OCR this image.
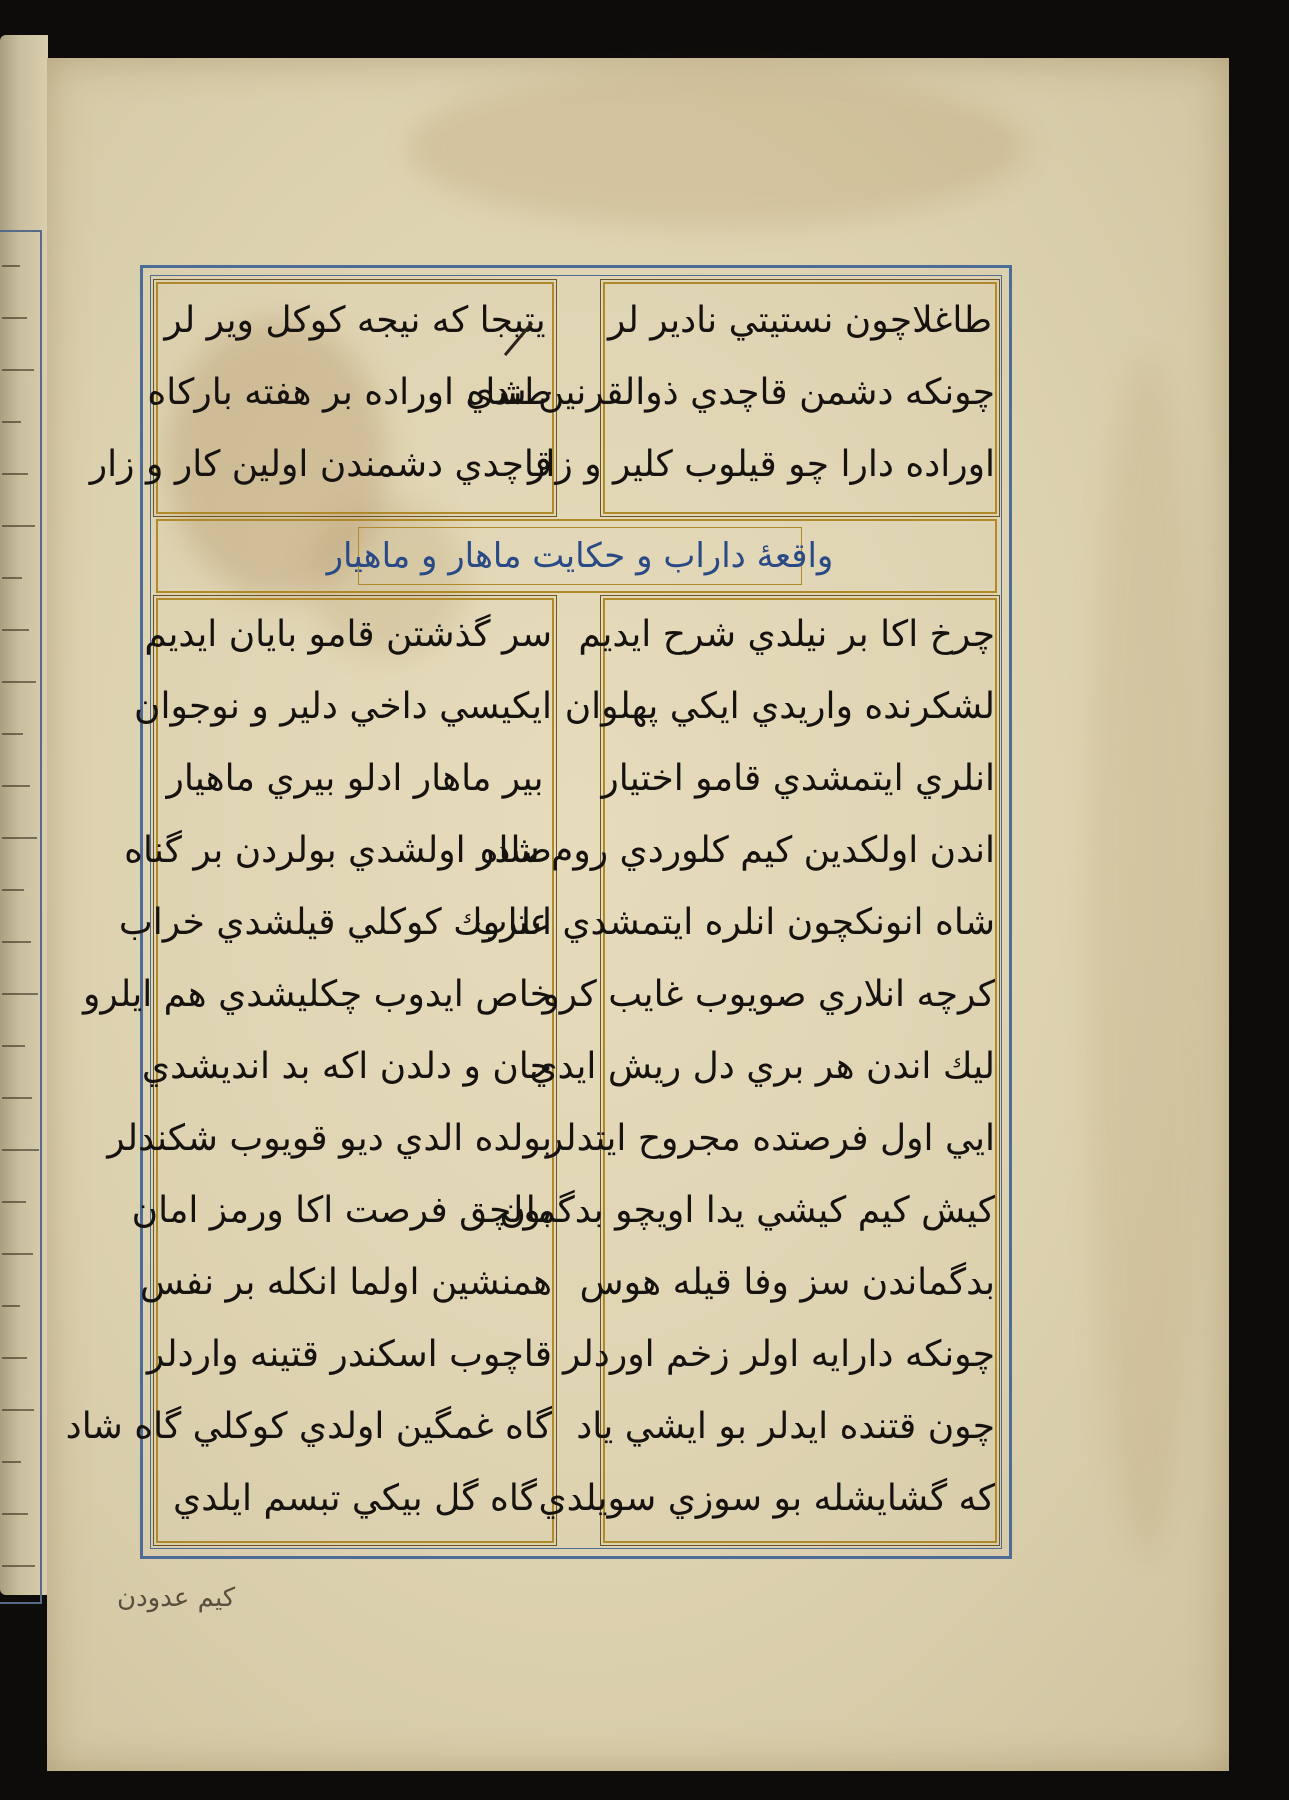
يتيجا كه نيجه كوكل وير لر
طندي اوراده بر هفته باركاه
قاچدي دشمندن اولين كار و زار
طاغلاچون نستيتي نادير لر
چونكه دشمن قاچدي ذوالقرنين شاه
اوراده دارا چو قيلوب كلير و زار
واقعهٔ داراب و حكايت ماهار و ماهيار
سر گذشتن قامو بايان ايديم
ايكيسي داخي دلير و نوجوان
بير ماهار ادلو بيري ماهيار
صادر اولشدي بولردن بر گناه
انلروك كوكلي قيلشدي خراب
خاص ايدوب چكليشدي هم ايلرو
جان و دلدن اكه بد انديشدي
بولده الدي ديو قويوب شكندلر
بولچق فرصت اكا ورمز امان
همنشين اولما انكله بر نفس
قاچوب اسكندر قتينه واردلر
گاه غمگين اولدي كوكلي گاه شاد
گاه گل بيكي تبسم ايلدي
چرخ اكا بر نيلدي شرح ايديم
لشكرنده واريدي ايكي پهلوان
انلري ايتمشدي قامو اختيار
اندن اولكدين كيم كلوردي روم شاه
شاه انونكچون انلره ايتمشدي عتاب
كرچه انلاري صويوب غايب كرو
ليك اندن هر بري دل ريش ايدي
ايي اول فرصتده مجروح ايتدلر
كيش كيم كيشي يدا اويچو بدگمان
بدگماندن سز وفا قيله هوس
چونكه دارايه اولر زخم اوردلر
چون قتنده ايدلر بو ايشي ياد
كه گشايشله بو سوزي سويلدي
كيم عدودن
